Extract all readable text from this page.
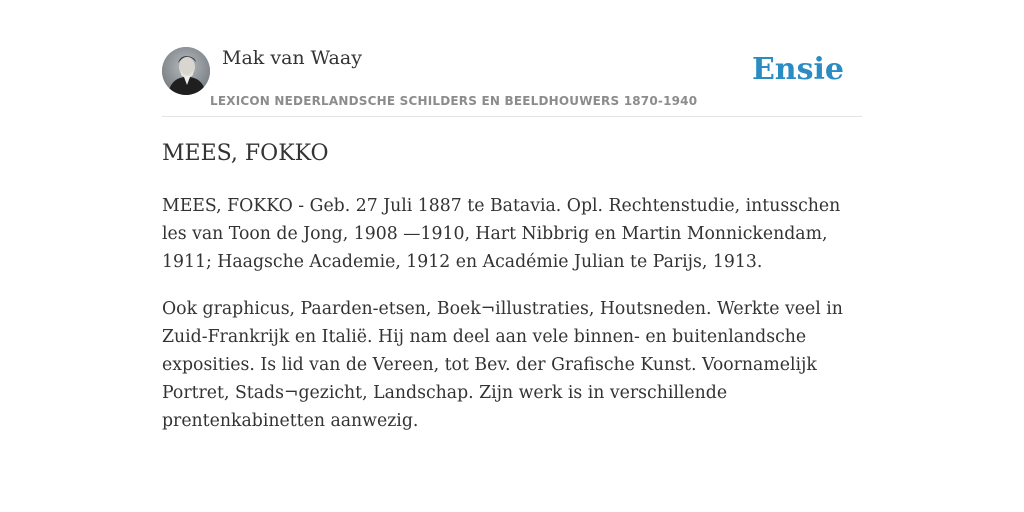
Mak van Waay
LEXICON NEDERLANDSCHE SCHILDERS EN BEELDHOUWERS 1870-1940
Ensie
MEES, FOKKO

MEES, FOKKO - Geb. 27 Juli 1887 te Batavia. Opl. Rechtenstudie, intusschen les van Toon de Jong, 1908 —1910, Hart Nibbrig en Martin Monnickendam, 1911; Haagsche Academie, 1912 en Académie Julian te Parijs, 1913.

Ook graphicus, Paarden-etsen, Boek¬illustraties, Houtsneden. Werkte veel in Zuid-Frankrijk en Italië. Hij nam deel aan vele binnen- en buitenlandsche exposities. Is lid van de Vereen, tot Bev. der Grafische Kunst. Voornamelijk Portret, Stads¬gezicht, Landschap. Zijn werk is in verschillende prentenkabinetten aanwezig.
